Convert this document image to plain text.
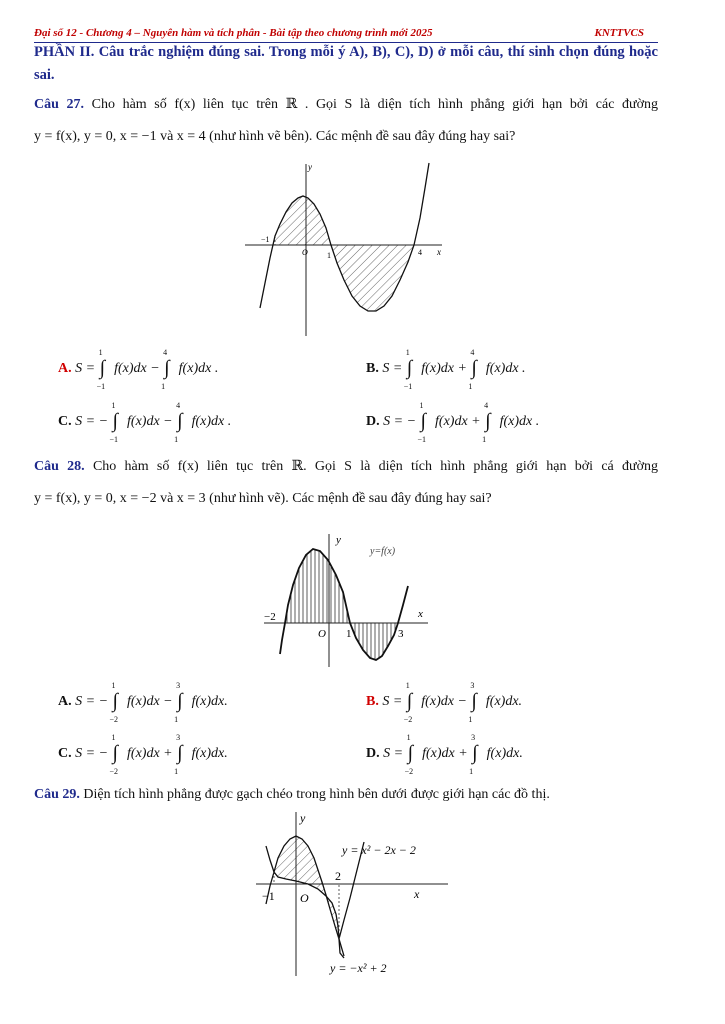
Đại số 12 - Chương 4 – Nguyên hàm và tích phân - Bài tập theo chương trình mới 2025	KNTTVCS
PHẦN II. Câu trắc nghiệm đúng sai. Trong mỗi ý A), B), C), D) ở mỗi câu, thí sinh chọn đúng hoặc
sai.
Câu 27. Cho hàm số f(x) liên tục trên ℝ . Gọi S là diện tích hình phẳng giới hạn bởi các đường
y = f(x), y = 0, x = −1 và x = 4 (như hình vẽ bên). Các mệnh đề sau đây đúng hay sai?
y
x
−1
O 1	4
A. S = ∫
1
−1
f(x)dx − ∫
4
1
f(x)dx .	B. S = ∫
1
−1
f(x)dx + ∫
4
1
f(x)dx .
C. S = − ∫
1
−1
f(x)dx − ∫
4
1
f(x)dx .	D. S = − ∫
1
−1
f(x)dx + ∫
4
1
f(x)dx .
Câu 28. Cho hàm số f(x) liên tục trên ℝ. Gọi S là diện tích hình phẳng giới hạn bởi cá đường
y = f(x), y = 0, x = −2 và x = 3 (như hình vẽ). Các mệnh đề sau đây đúng hay sai?
y
y=f(x)
x
−2
O 1	3
A. S = − ∫
1
−2
f(x)dx − ∫
3
1
f(x)dx.	B. S = ∫
1
−2
f(x)dx − ∫
3
1
f(x)dx.
C. S = − ∫
1
−2
f(x)dx + ∫
3
1
f(x)dx.	D. S = ∫
1
−2
f(x)dx + ∫
3
1
f(x)dx.
Câu 29. Diện tích hình phẳng được gạch chéo trong hình bên dưới được giới hạn các đồ thị.
y
x
−1 O
2
y = x² − 2x − 2
y = −x² + 2
